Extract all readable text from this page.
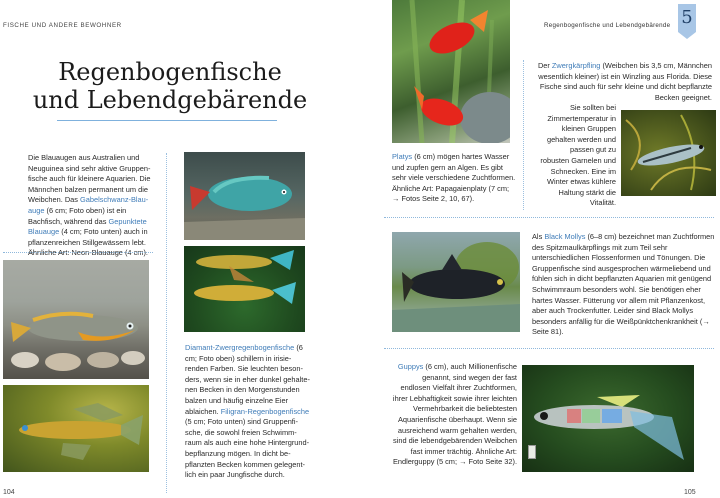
FISCHE UND ANDERE BEWOHNER
Regenbogenfische
und Lebendgebärende
Die Blauaugen aus Australien und Neuguinea sind sehr aktive Gruppenfische auch für kleinere Aquarien. Die Männchen balzen permanent um die Weibchen. Das Gabelschwanz-Blauauge (6 cm; Foto oben) ist ein Bachfisch, während das Gepunktete Blauauge (4 cm; Foto unten) auch in pflanzenreichen Stillgewässern lebt. Ähnliche Art: Neon-Blauauge (4 cm).
104
Diamant-Zwergregenbogenfische (6 cm; Foto oben) schillern in irisierenden Farben. Sie leuchten besonders, wenn sie in eher dunkel gehaltenen Becken in den Morgenstunden balzen und häufig einzelne Eier ablaichen. Filigran-Regenbogenfische (5 cm; Foto unten) sind Gruppenfische, die sowohl freien Schwimmraum als auch eine hohe Hintergrundbepflanzung mögen. In dicht bepflanzten Becken kommen gelegentlich ein paar Jungfische durch.
Regenbogenfische und Lebendgebärende 5
Platys (6 cm) mögen hartes Wasser und zupfen gern an Algen. Es gibt sehr viele verschiedene Zuchtformen. Ähnliche Art: Papagaienplaty (7 cm; → Fotos Seite 2, 10, 67).
Der Zwergkärpfling (Weibchen bis 3,5 cm, Männchen wesentlich kleiner) ist ein Winzling aus Florida. Diese Fische sind auch für sehr kleine und dicht bepflanzte Becken geeignet.
Sie sollten bei Zimmertemperatur in kleinen Gruppen gehalten werden und passen gut zu robusten Garnelen und Schnecken. Eine im Winter etwas kühlere Haltung stärkt die Vitalität.
Als Black Mollys (6–8 cm) bezeichnet man Zuchtformen des Spitzmaulkärpflings mit zum Teil sehr unterschiedlichen Flossenformen und Tönungen. Die Gruppenfische sind ausgesprochen wärmeliebend und fühlen sich in dicht bepflanzten Aquarien mit genügend Schwimmraum besonders wohl. Sie benötigen eher hartes Wasser. Fütterung vor allem mit Pflanzenkost, aber auch Trockenfutter. Leider sind Black Mollys besonders anfällig für die Weißpünktchenkrankheit (→ Seite 81).
Guppys (6 cm), auch Millionenfische genannt, sind wegen der fast endlosen Vielfalt ihrer Zuchtformen, ihrer Lebhaftigkeit sowie ihrer leichten Vermehrbarkeit die beliebtesten Aquarienfische überhaupt. Wenn sie ausreichend warm gehalten werden, sind die lebendgebärenden Weibchen fast immer trächtig. Ähnliche Art: Endlerguppy (5 cm; → Foto Seite 32).
105
